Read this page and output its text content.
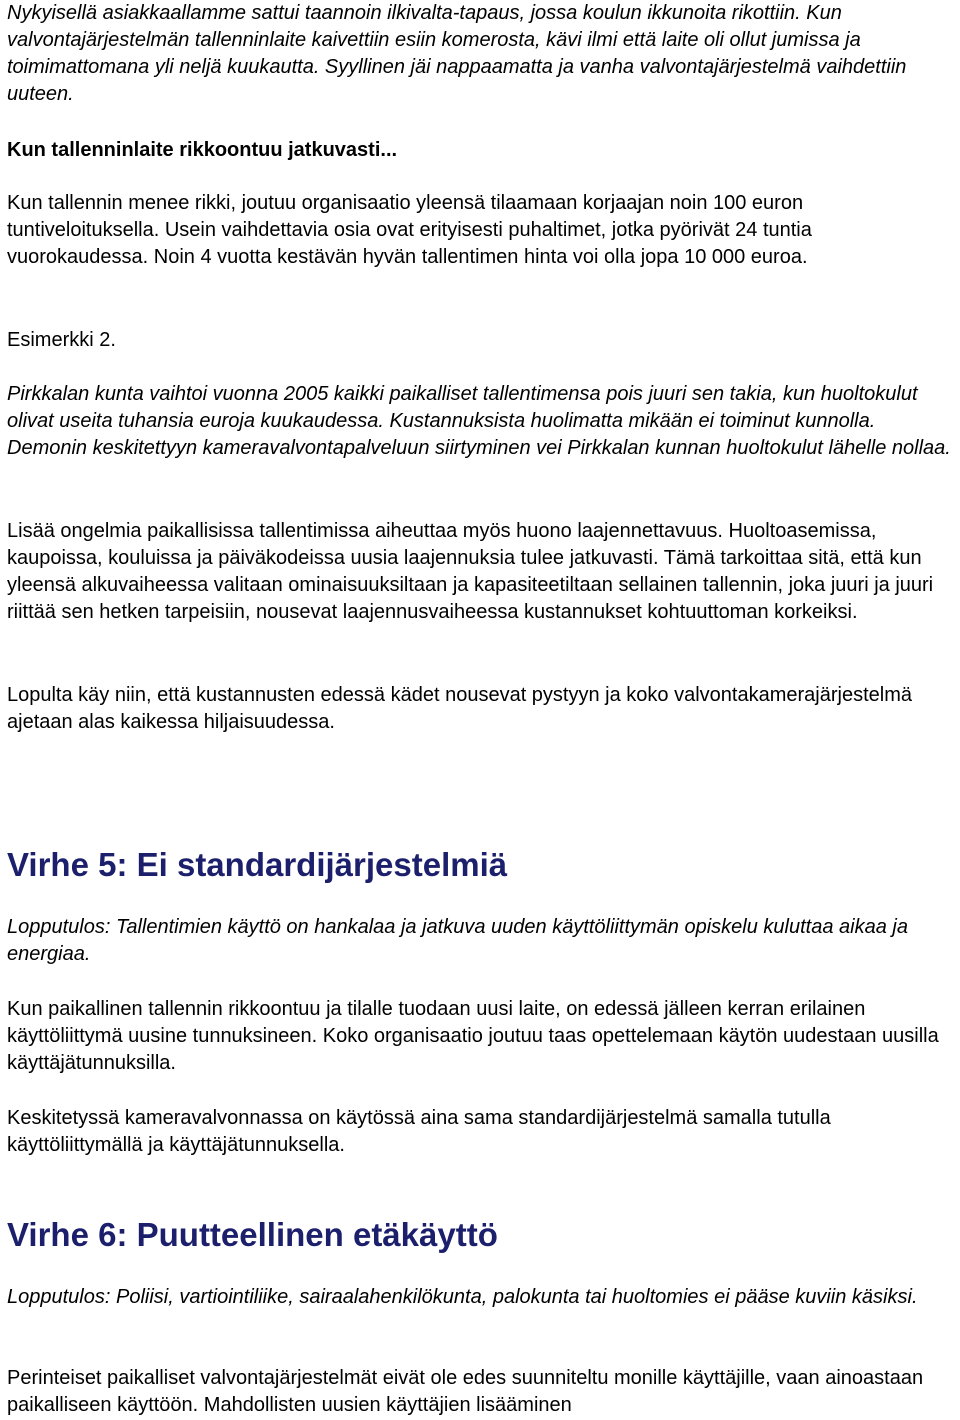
Nykyisellä asiakkaallamme sattui taannoin ilkivalta-tapaus, jossa koulun ikkunoita rikottiin. Kun valvontajärjestelmän tallenninlaite kaivettiin esiin komerosta, kävi ilmi että laite oli ollut jumissa ja toimimattomana yli neljä kuukautta. Syyllinen jäi nappaamatta ja vanha valvontajärjestelmä vaihdettiin uuteen.

Kun tallenninlaite rikkoontuu jatkuvasti...

Kun tallennin menee rikki, joutuu organisaatio yleensä tilaamaan korjaajan noin 100 euron tuntiveloituksella. Usein vaihdettavia osia ovat erityisesti puhaltimet, jotka pyörivät 24 tuntia vuorokaudessa. Noin 4 vuotta kestävän hyvän tallentimen hinta voi olla jopa 10 000 euroa.

Esimerkki 2.

Pirkkalan kunta vaihtoi vuonna 2005 kaikki paikalliset tallentimensa pois juuri sen takia, kun huoltokulut olivat useita tuhansia euroja kuukaudessa. Kustannuksista huolimatta mikään ei toiminut kunnolla. Demonin keskitettyyn kameravalvontapalveluun siirtyminen vei Pirkkalan kunnan huoltokulut lähelle nollaa.

Lisää ongelmia paikallisissa tallentimissa aiheuttaa myös huono laajennettavuus. Huoltoasemissa, kaupoissa, kouluissa ja päiväkodeissa uusia laajennuksia tulee jatkuvasti. Tämä tarkoittaa sitä, että kun yleensä alkuvaiheessa valitaan ominaisuuksiltaan ja kapasiteetiltaan sellainen tallennin, joka juuri ja juuri riittää sen hetken tarpeisiin, nousevat laajennusvaiheessa kustannukset kohtuuttoman korkeiksi.

Lopulta käy niin, että kustannusten edessä kädet nousevat pystyyn ja koko valvontakamerajärjestelmä ajetaan alas kaikessa hiljaisuudessa.

Virhe 5: Ei standardijärjestelmiä

Lopputulos: Tallentimien käyttö on hankalaa ja jatkuva uuden käyttöliittymän opiskelu kuluttaa aikaa ja energiaa.

Kun paikallinen tallennin rikkoontuu ja tilalle tuodaan uusi laite, on edessä jälleen kerran erilainen käyttöliittymä uusine tunnuksineen. Koko organisaatio joutuu taas opettelemaan käytön uudestaan uusilla käyttäjätunnuksilla.

Keskitetyssä kameravalvonnassa on käytössä aina sama standardijärjestelmä samalla tutulla käyttöliittymällä ja käyttäjätunnuksella.

Virhe 6: Puutteellinen etäkäyttö

Lopputulos: Poliisi, vartiointiliike, sairaalahenkilökunta, palokunta tai huoltomies ei pääse kuviin käsiksi.

Perinteiset paikalliset valvontajärjestelmät eivät ole edes suunniteltu monille käyttäjille, vaan ainoastaan paikalliseen käyttöön. Mahdollisten uusien käyttäjien lisääminen
